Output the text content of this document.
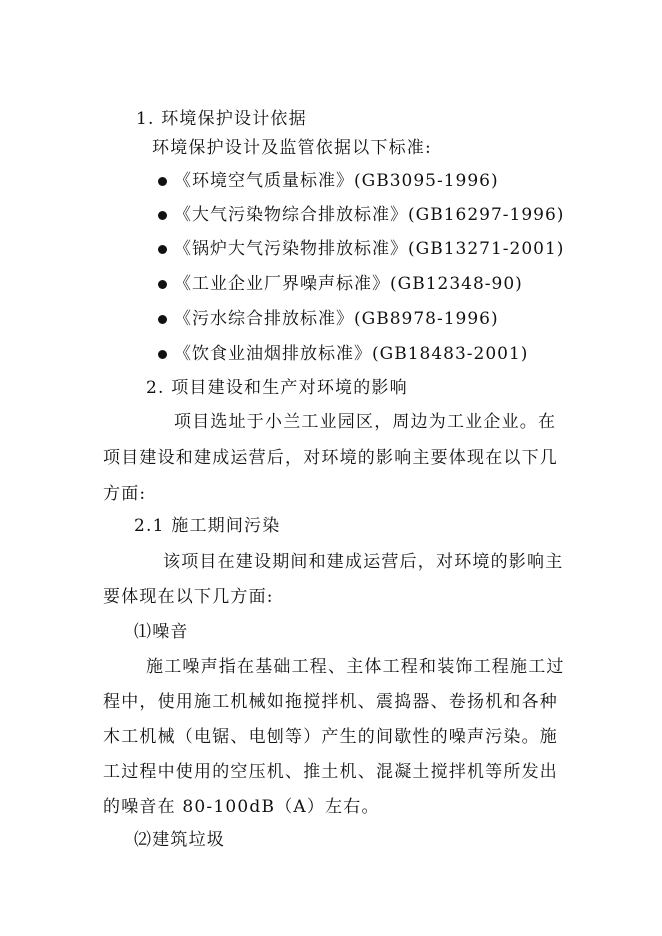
1. 环境保护设计依据
环境保护设计及监管依据以下标准:
《环境空气质量标准》(GB3095-1996)
《大气污染物综合排放标准》(GB16297-1996)
《锅炉大气污染物排放标准》(GB13271-2001)
《工业企业厂界噪声标准》(GB12348-90)
《污水综合排放标准》(GB8978-1996)
《饮食业油烟排放标准》(GB18483-2001)
2. 项目建设和生产对环境的影响
项目选址于小兰工业园区，周边为工业企业。在
项目建设和建成运营后，对环境的影响主要体现在以下几
方面:
2.1 施工期间污染
该项目在建设期间和建成运营后，对环境的影响主
要体现在以下几方面:
⑴噪音
施工噪声指在基础工程、主体工程和装饰工程施工过
程中，使用施工机械如拖搅拌机、震捣器、卷扬机和各种
木工机械（电锯、电刨等）产生的间歇性的噪声污染。施
工过程中使用的空压机、推土机、混凝土搅拌机等所发出
的噪音在 80-100dB（A）左右。
⑵建筑垃圾
